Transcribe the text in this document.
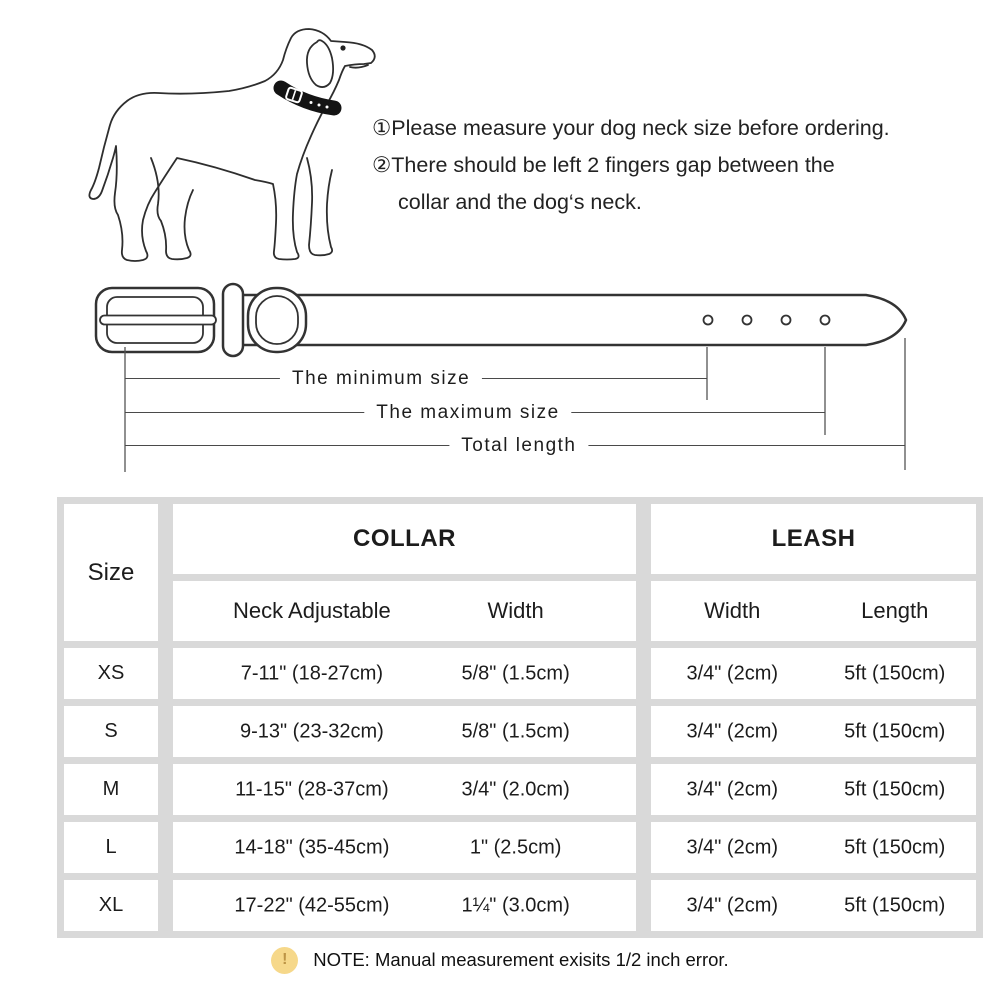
①Please measure your dog neck size before ordering.
②There should be left 2 fingers gap between the
collar and the dog‘s neck.
The minimum size
The maximum size
Total length
Size
COLLAR	LEASH
Neck Adjustable	Width	Width	Length
XS	7-11" (18-27cm)	5/8" (1.5cm)	3/4" (2cm)	5ft (150cm)
S	9-13" (23-32cm)	5/8" (1.5cm)	3/4" (2cm)	5ft (150cm)
M	11-15" (28-37cm)	3/4" (2.0cm)	3/4" (2cm)	5ft (150cm)
L	14-18" (35-45cm)	1" (2.5cm)	3/4" (2cm)	5ft (150cm)
XL	17-22" (42-55cm)	1¼" (3.0cm)	3/4" (2cm)	5ft (150cm)
!	NOTE: Manual measurement exisits 1/2 inch error.
